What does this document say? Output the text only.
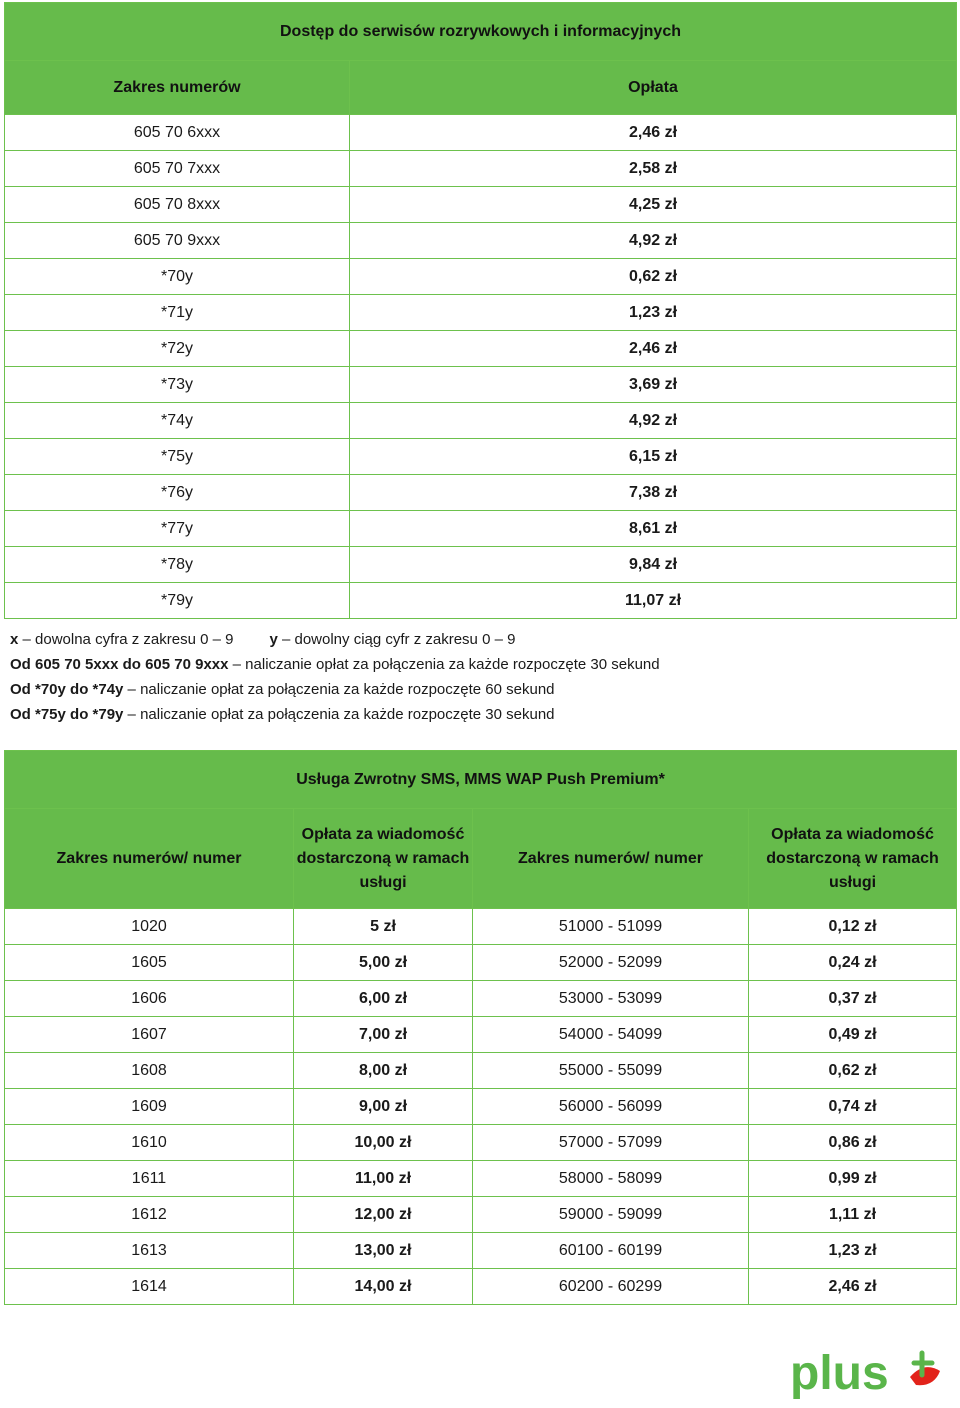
Dostęp do serwisów rozrywkowych i informacyjnych	
Zakres numerów	Opłata
605 70 6xxx	2,46 zł
605 70 7xxx	2,58 zł
605 70 8xxx	4,25 zł
605 70 9xxx	4,92 zł
*70y	0,62 zł
*71y	1,23 zł
*72y	2,46 zł
*73y	3,69 zł
*74y	4,92 zł
*75y	6,15 zł
*76y	7,38 zł
*77y	8,61 zł
*78y	9,84 zł
*79y	11,07 zł
x – dowolna cyfra z zakresu 0 – 9 y – dowolny ciąg cyfr z zakresu 0 – 9
Od 605 70 5xxx do 605 70 9xxx – naliczanie opłat za połączenia za każde rozpoczęte 30 sekund
Od *70y do *74y – naliczanie opłat za połączenia za każde rozpoczęte 60 sekund
Od *75y do *79y – naliczanie opłat za połączenia za każde rozpoczęte 30 sekund
Usługa Zwrotny SMS, MMS WAP Push Premium*			
Zakres numerów/ numer	Opłata za wiadomość dostarczoną w ramach usługi	Zakres numerów/ numer	Opłata za wiadomość dostarczoną w ramach usługi
1020	5 zł	51000 - 51099	0,12 zł
1605	5,00 zł	52000 - 52099	0,24 zł
1606	6,00 zł	53000 - 53099	0,37 zł
1607	7,00 zł	54000 - 54099	0,49 zł
1608	8,00 zł	55000 - 55099	0,62 zł
1609	9,00 zł	56000 - 56099	0,74 zł
1610	10,00 zł	57000 - 57099	0,86 zł
1611	11,00 zł	58000 - 58099	0,99 zł
1612	12,00 zł	59000 - 59099	1,11 zł
1613	13,00 zł	60100 - 60199	1,23 zł
1614	14,00 zł	60200 - 60299	2,46 zł
plus
